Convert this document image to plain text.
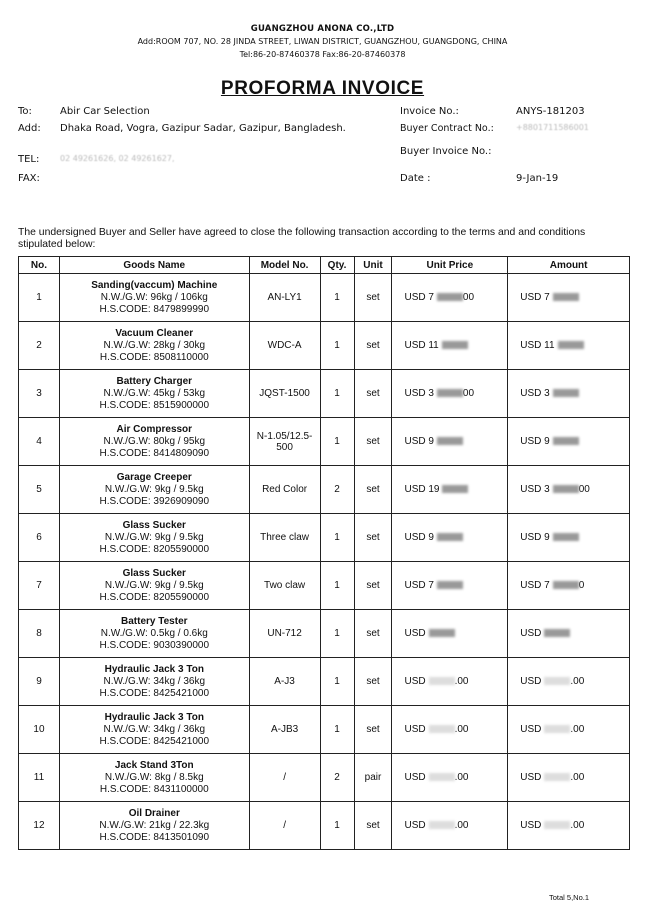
GUANGZHOU ANONA CO.,LTD
Add:ROOM 707, NO. 28 JINDA STREET, LIWAN DISTRICT, GUANGZHOU, GUANGDONG, CHINA
Tel:86-20-87460378 Fax:86-20-87460378
PROFORMA INVOICE
To:	Abir Car Selection
Add: Dhaka Road, Vogra, Gazipur Sadar, Gazipur, Bangladesh.
TEL:	02 49261626, 02 49261627,
FAX:
Invoice No.:	ANYS-181203
Buyer Contract No.:	+8801711586001
Buyer Invoice No.:
Date :	9-Jan-19
The undersigned Buyer and Seller have agreed to close the following transaction according to the terms and and conditions stipulated below:
No.	Goods Name	Model No.	Qty.	Unit	Unit Price	Amount
1	Sanding(vaccum) Machine
N.W./G.W: 96kg / 106kg
H.S.CODE: 8479899990	AN-LY1	1	set	USD 7 00	USD 7
2	Vacuum Cleaner
N.W./G.W: 28kg / 30kg
H.S.CODE: 8508110000	WDC-A	1	set	USD 11	USD 11
3	Battery Charger
N.W./G.W: 45kg / 53kg
H.S.CODE: 8515900000	JQST-1500	1	set	USD 3 00	USD 3
4	Air Compressor
N.W./G.W: 80kg / 95kg
H.S.CODE: 8414809090	N-1.05/12.5-500	1	set	USD 9	USD 9
5	Garage Creeper
N.W./G.W: 9kg / 9.5kg
H.S.CODE: 3926909090	Red Color	2	set	USD 19	USD 3 00
6	Glass Sucker
N.W./G.W: 9kg / 9.5kg
H.S.CODE: 8205590000	Three claw	1	set	USD 9	USD 9
7	Glass Sucker
N.W./G.W: 9kg / 9.5kg
H.S.CODE: 8205590000	Two claw	1	set	USD 7	USD 7 0
8	Battery Tester
N.W./G.W: 0.5kg / 0.6kg
H.S.CODE: 9030390000	UN-712	1	set	USD	USD
9	Hydraulic Jack 3 Ton
N.W./G.W: 34kg / 36kg
H.S.CODE: 8425421000	A-J3	1	set	USD .00	USD .00
10	Hydraulic Jack 3 Ton
N.W./G.W: 34kg / 36kg
H.S.CODE: 8425421000	A-JB3	1	set	USD .00	USD .00
11	Jack Stand 3Ton
N.W./G.W: 8kg / 8.5kg
H.S.CODE: 8431100000	/	2	pair	USD .00	USD .00
12	Oil Drainer
N.W./G.W: 21kg / 22.3kg
H.S.CODE: 8413501090	/	1	set	USD .00	USD .00
Total 5,No.1
